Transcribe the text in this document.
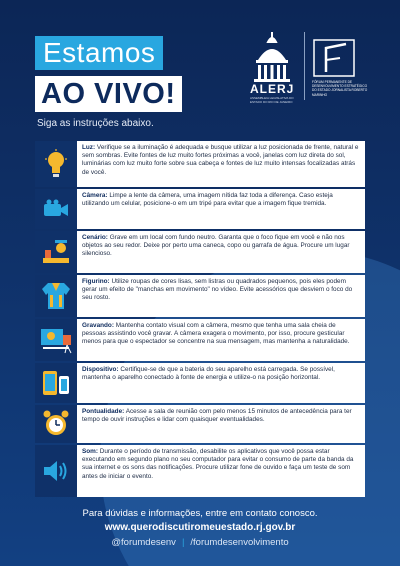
Estamos
AO VIVO!
Siga as instruções abaixo.
ALERJ
ASSEMBLEIA LEGISLATIVA DO ESTADO DO RIO DE JANEIRO
FÓRUM PERMANENTE DE DESENVOLVIMENTO ESTRATÉGICO DO ESTADO JORNALISTA ROBERTO MARINHO
Luz: Verifique se a iluminação é adequada e busque utilizar a luz posicionada de frente, natural e sem sombras. Evite fontes de luz muito fortes próximas a você, janelas com luz direta do sol, luminárias com luz muito forte sobre sua cabeça e fontes de luz muito intensas focalizadas atrás de você.
Câmera: Limpe a lente da câmera, uma imagem nítida faz toda a diferença. Caso esteja utilizando um celular, posicione-o em um tripé para evitar que a imagem fique tremida.
Cenário: Grave em um local com fundo neutro. Garanta que o foco fique em você e não nos objetos ao seu redor. Deixe por perto uma caneca, copo ou garrafa de água. Procure um lugar silencioso.
Figurino: Utilize roupas de cores lisas, sem listras ou quadrados pequenos, pois eles podem gerar um efeito de "manchas em movimento" no vídeo. Evite acessórios que desviem o foco do seu rosto.
Gravando: Mantenha contato visual com a câmera, mesmo que tenha uma sala cheia de pessoas assistindo você gravar. A câmera exagera o movimento, por isso, procure gesticular menos para que o espectador se concentre na sua mensagem, mas mantenha a naturalidade.
Dispositivo: Certifique-se de que a bateria do seu aparelho está carregada. Se possível, mantenha o aparelho conectado à fonte de energia e utilize-o na posição horizontal.
Pontualidade: Acesse a sala de reunião com pelo menos 15 minutos de antecedência para ter tempo de ouvir instruções e lidar com quaisquer eventualidades.
Som: Durante o período de transmissão, desabilite os aplicativos que você possa estar executando em segundo plano no seu computador para evitar o consumo de parte da banda da sua internet e os sons das notificações. Procure utilizar fone de ouvido e faça um teste de som antes de iniciar o evento.
Para dúvidas e informações, entre em contato conosco.
www.querodiscutiromeuestado.rj.gov.br
@forumdesenv | /forumdesenvolvimento
